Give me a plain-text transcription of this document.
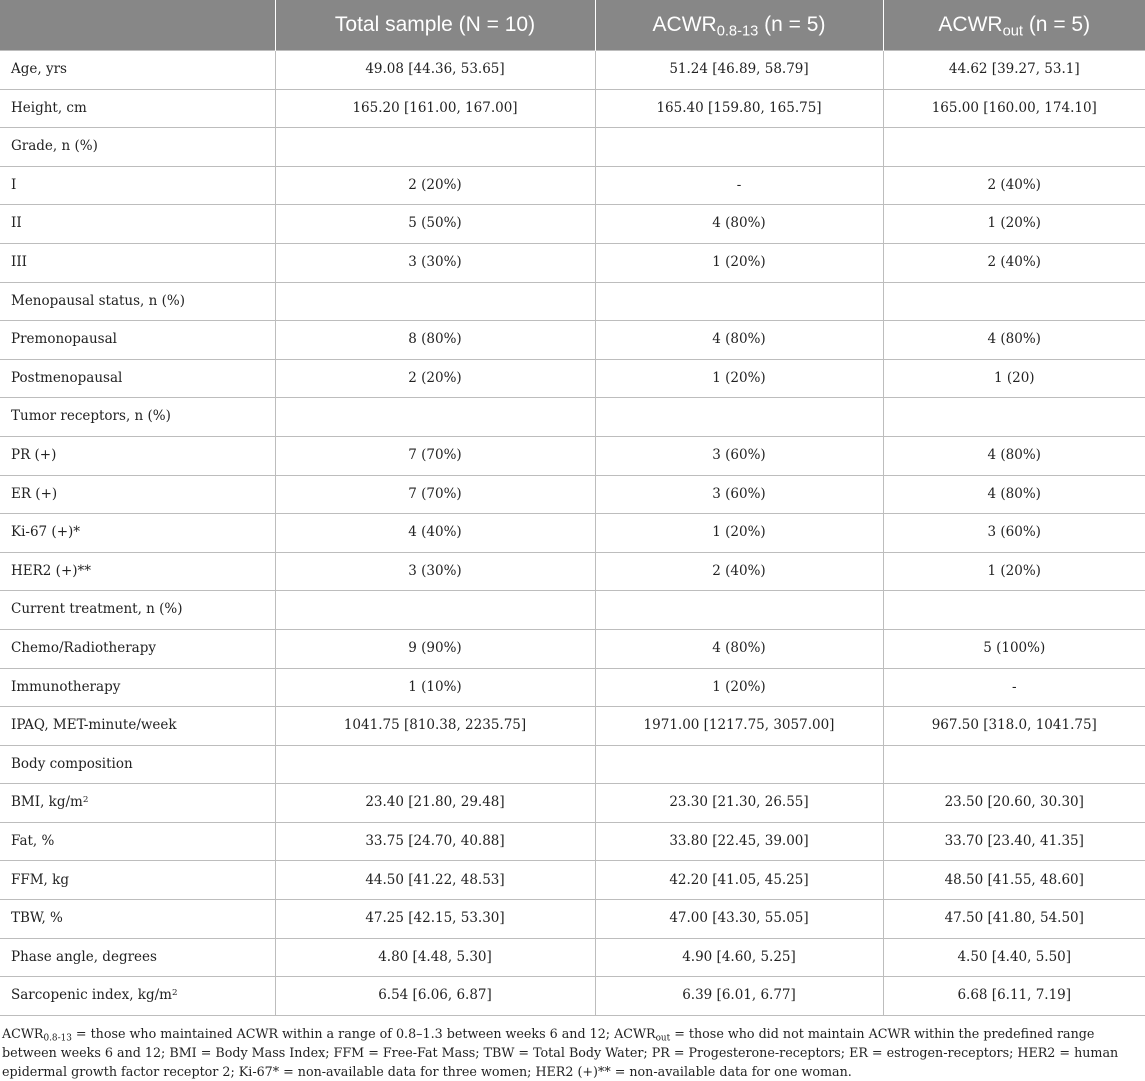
	Total sample (N = 10)	$ACWR_{0.8-13}$ (n = 5)	$ACWR_{out}$ (n = 5)
Age, yrs	49.08 [44.36, 53.65]	51.24 [46.89, 58.79]	44.62 [39.27, 53.1]
Height, cm	165.20 [161.00, 167.00]	165.40 [159.80, 165.75]	165.00 [160.00, 174.10]
Grade, n (%)			
I	2 (20%)	-	2 (40%)
II	5 (50%)	4 (80%)	1 (20%)
III	3 (30%)	1 (20%)	2 (40%)
Menopausal status, n (%)			
Premonopausal	8 (80%)	4 (80%)	4 (80%)
Postmenopausal	2 (20%)	1 (20%)	1 (20)
Tumor receptors, n (%)			
PR (+)	7 (70%)	3 (60%)	4 (80%)
ER (+)	7 (70%)	3 (60%)	4 (80%)
Ki-67 (+)*	4 (40%)	1 (20%)	3 (60%)
HER2 (+)**	3 (30%)	2 (40%)	1 (20%)
Current treatment, n (%)			
Chemo/Radiotherapy	9 (90%)	4 (80%)	5 (100%)
Immunotherapy	1 (10%)	1 (20%)	-
IPAQ, MET-minute/week	1041.75 [810.38, 2235.75]	1971.00 [1217.75, 3057.00]	967.50 [318.0, 1041.75]
Body composition			
BMI, $kg/m^2$	23.40 [21.80, 29.48]	23.30 [21.30, 26.55]	23.50 [20.60, 30.30]
Fat, %	33.75 [24.70, 40.88]	33.80 [22.45, 39.00]	33.70 [23.40, 41.35]
FFM, kg	44.50 [41.22, 48.53]	42.20 [41.05, 45.25]	48.50 [41.55, 48.60]
TBW, %	47.25 [42.15, 53.30]	47.00 [43.30, 55.05]	47.50 [41.80, 54.50]
Phase angle, degrees	4.80 [4.48, 5.30]	4.90 [4.60, 5.25]	4.50 [4.40, 5.50]
Sarcopenic index, $kg/m^2$	6.54 [6.06, 6.87]	6.39 [6.01, 6.77]	6.68 [6.11, 7.19]
$ACWR_{0.8-13}$ = those who maintained ACWR within a range of 0.8–1.3 between weeks 6 and 12; $ACWR_{out}$ = those who did not maintain ACWR within the predefined range between weeks 6 and 12; BMI = Body Mass Index; FFM = Free-Fat Mass; TBW = Total Body Water; PR = Progesterone-receptors; ER = estrogen-receptors; HER2 = human epidermal growth factor receptor 2; Ki-67* = non-available data for three women; HER2 (+)** = non-available data for one woman.
